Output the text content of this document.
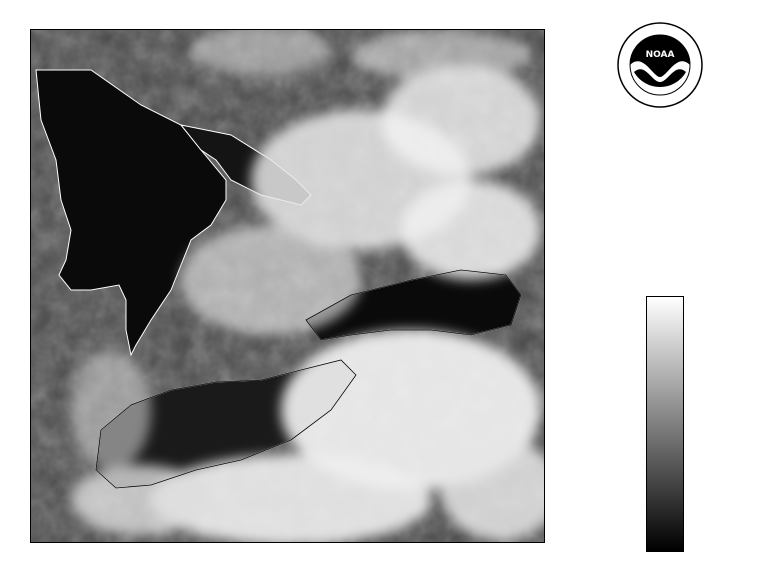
NOAA
